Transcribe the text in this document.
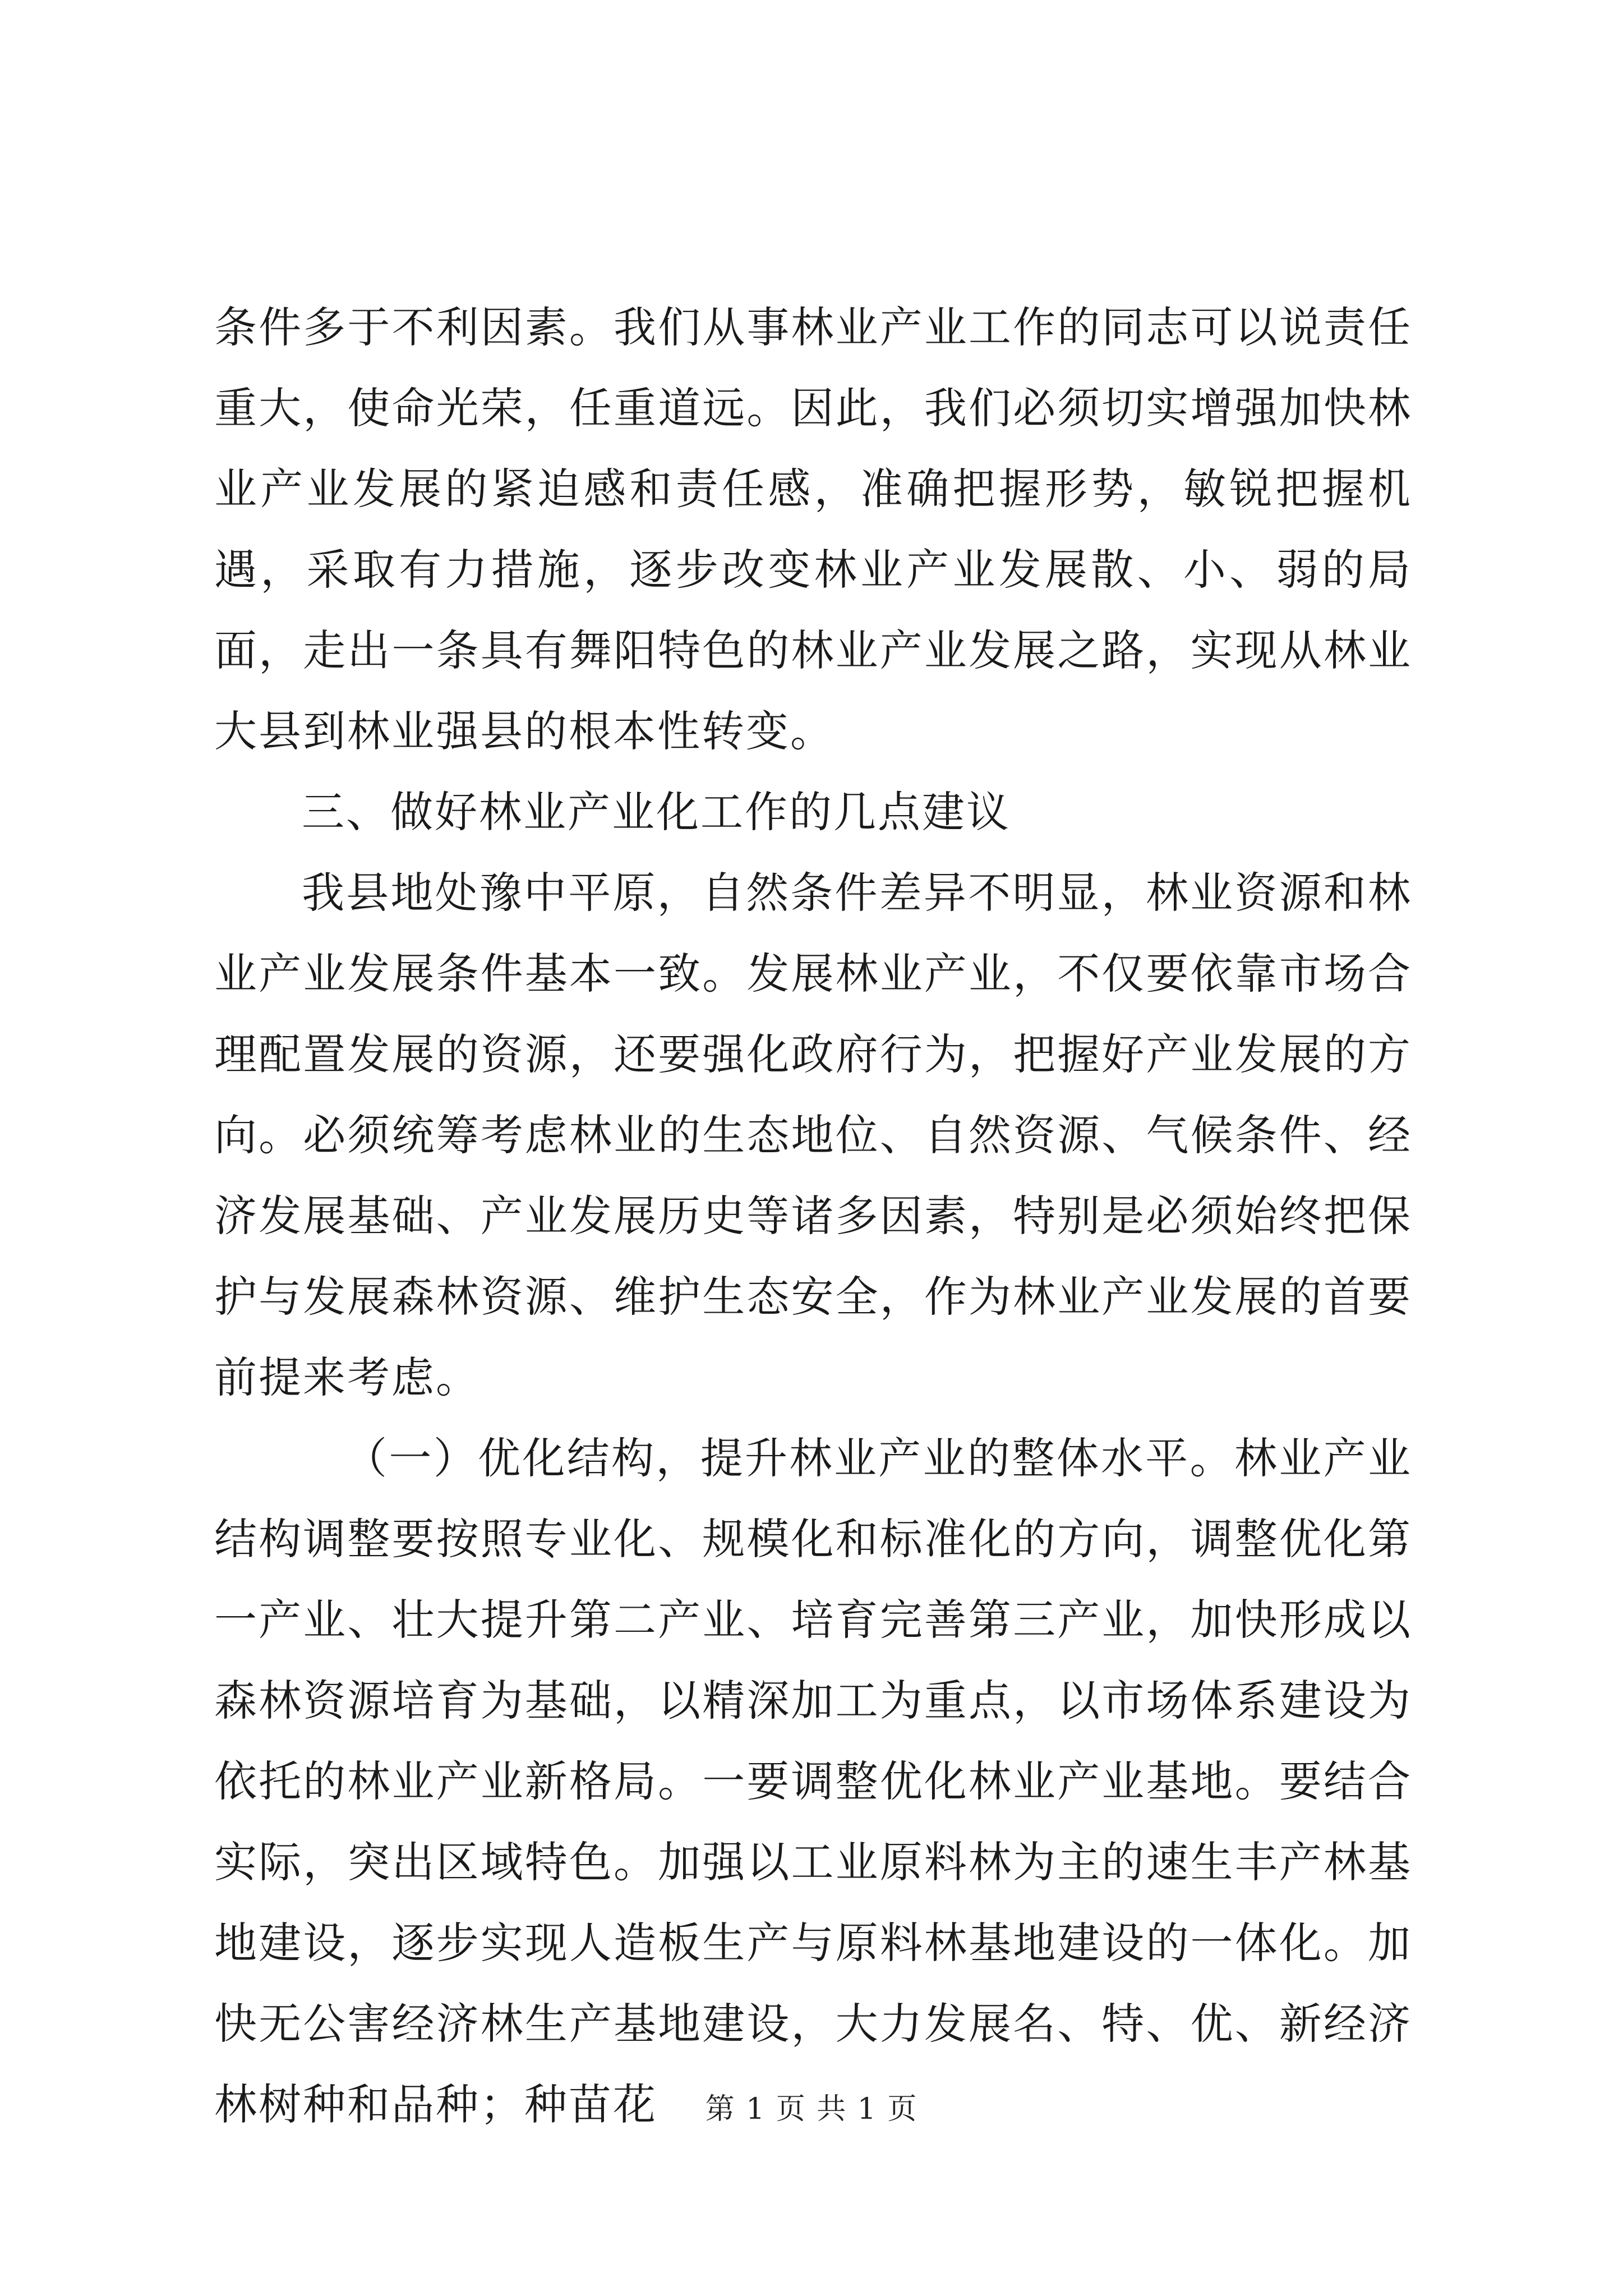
条件多于不利因素。我们从事林业产业工作的同志可以说责任重大，使命光荣，任重道远。因此，我们必须切实增强加快林业产业发展的紧迫感和责任感，准确把握形势，敏锐把握机遇，采取有力措施，逐步改变林业产业发展散、小、弱的局面，走出一条具有舞阳特色的林业产业发展之路，实现从林业大县到林业强县的根本性转变。

三、做好林业产业化工作的几点建议

我县地处豫中平原，自然条件差异不明显，林业资源和林业产业发展条件基本一致。发展林业产业，不仅要依靠市场合理配置发展的资源，还要强化政府行为，把握好产业发展的方向。必须统筹考虑林业的生态地位、自然资源、气候条件、经济发展基础、产业发展历史等诸多因素，特别是必须始终把保护与发展森林资源、维护生态安全，作为林业产业发展的首要前提来考虑。

（一）优化结构，提升林业产业的整体水平。林业产业结构调整要按照专业化、规模化和标准化的方向，调整优化第一产业、壮大提升第二产业、培育完善第三产业，加快形成以森林资源培育为基础，以精深加工为重点，以市场体系建设为依托的林业产业新格局。一要调整优化林业产业基地。要结合实际，突出区域特色。加强以工业原料林为主的速生丰产林基地建设，逐步实现人造板生产与原料林基地建设的一体化。加快无公害经济林生产基地建设，大力发展名、特、优、新经济林树种和品种；种苗花	第 1 页 共 1 页
